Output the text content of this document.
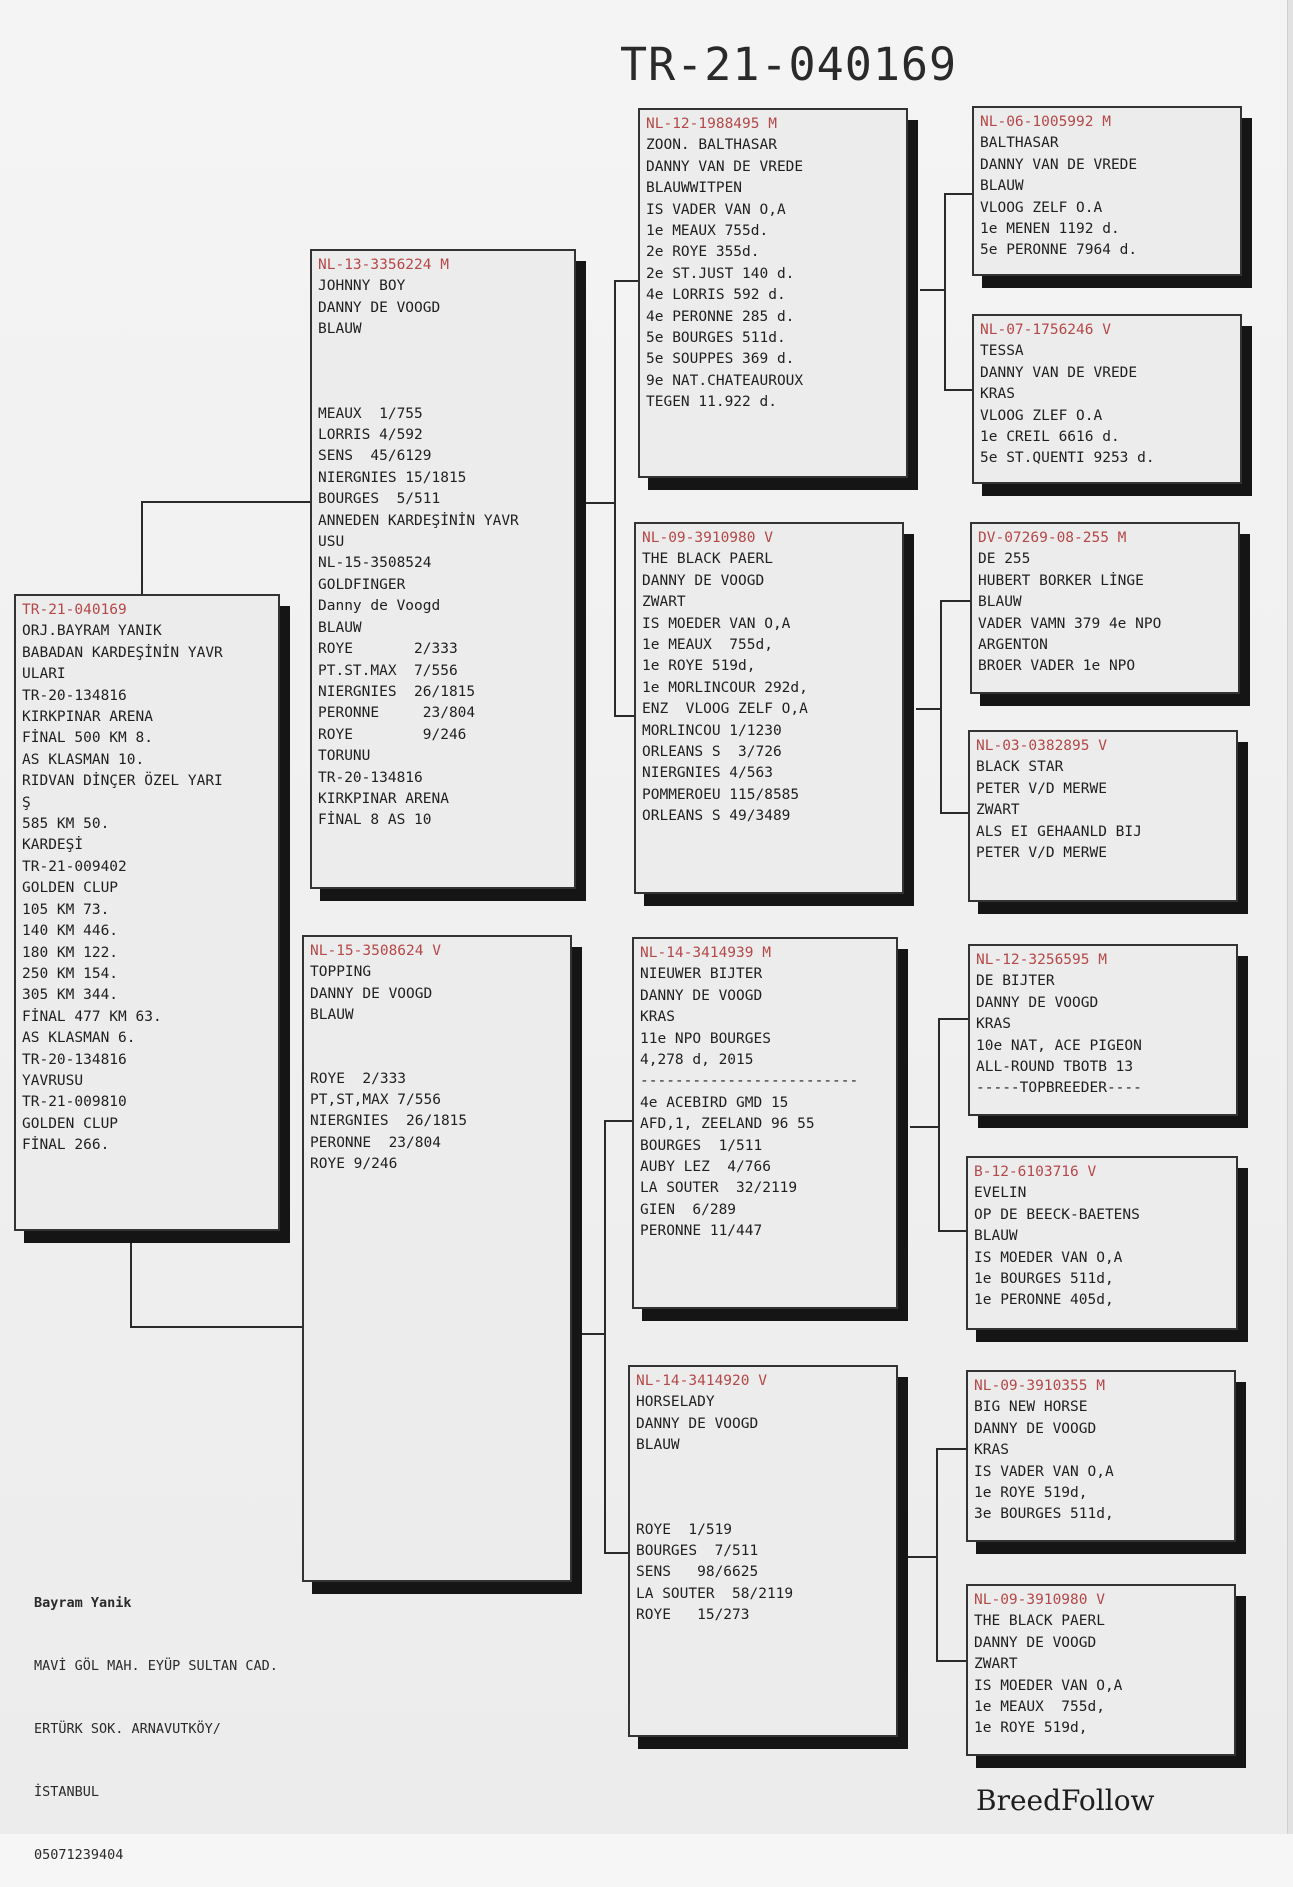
TR-21-040169
TR-21-040169
ORJ.BAYRAM YANIK
BABADAN KARDEŞİNİN YAVR
ULARI
TR-20-134816
KIRKPINAR ARENA
FİNAL 500 KM 8.
AS KLASMAN 10.
RIDVAN DİNÇER ÖZEL YARI
Ş
585 KM 50.
KARDEŞİ
TR-21-009402
GOLDEN CLUP
105 KM 73.
140 KM 446.
180 KM 122.
250 KM 154.
305 KM 344.
FİNAL 477 KM 63.
AS KLASMAN 6.
TR-20-134816
YAVRUSU
TR-21-009810
GOLDEN CLUP
FİNAL 266.
NL-13-3356224 M
JOHNNY BOY
DANNY DE VOOGD
BLAUW
MEAUX  1/755
LORRIS 4/592
SENS  45/6129
NIERGNIES 15/1815
BOURGES  5/511
ANNEDEN KARDEŞİNİN YAVR
USU
NL-15-3508524
GOLDFINGER
Danny de Voogd
BLAUW
ROYE       2/333
PT.ST.MAX  7/556
NIERGNIES  26/1815
PERONNE     23/804
ROYE        9/246
TORUNU
TR-20-134816
KIRKPINAR ARENA
FİNAL 8 AS 10
NL-15-3508624 V
TOPPING
DANNY DE VOOGD
BLAUW
ROYE  2/333
PT,ST,MAX 7/556
NIERGNIES  26/1815
PERONNE  23/804
ROYE 9/246
NL-12-1988495 M
ZOON. BALTHASAR
DANNY VAN DE VREDE
BLAUWWITPEN
IS VADER VAN O,A
1e MEAUX 755d.
2e ROYE 355d.
2e ST.JUST 140 d.
4e LORRIS 592 d.
4e PERONNE 285 d.
5e BOURGES 511d.
5e SOUPPES 369 d.
9e NAT.CHATEAUROUX
TEGEN 11.922 d.
NL-09-3910980 V
THE BLACK PAERL
DANNY DE VOOGD
ZWART
IS MOEDER VAN O,A
1e MEAUX  755d,
1e ROYE 519d,
1e MORLINCOUR 292d,
ENZ  VLOOG ZELF O,A
MORLINCOU 1/1230
ORLEANS S  3/726
NIERGNIES 4/563
POMMEROEU 115/8585
ORLEANS S 49/3489
NL-14-3414939 M
NIEUWER BIJTER
DANNY DE VOOGD
KRAS
11e NPO BOURGES
4,278 d, 2015
-------------------------
4e ACEBIRD GMD 15
AFD,1, ZEELAND 96 55
BOURGES  1/511
AUBY LEZ  4/766
LA SOUTER  32/2119
GIEN  6/289
PERONNE 11/447
NL-14-3414920 V
HORSELADY
DANNY DE VOOGD
BLAUW
ROYE  1/519
BOURGES  7/511
SENS   98/6625
LA SOUTER  58/2119
ROYE   15/273
NL-06-1005992 M
BALTHASAR
DANNY VAN DE VREDE
BLAUW
VLOOG ZELF O.A
1e MENEN 1192 d.
5e PERONNE 7964 d.
NL-07-1756246 V
TESSA
DANNY VAN DE VREDE
KRAS
VLOOG ZLEF O.A
1e CREIL 6616 d.
5e ST.QUENTI 9253 d.
DV-07269-08-255 M
DE 255
HUBERT BORKER LİNGE
BLAUW
VADER VAMN 379 4e NPO
ARGENTON
BROER VADER 1e NPO
NL-03-0382895 V
BLACK STAR
PETER V/D MERWE
ZWART
ALS EI GEHAANLD BIJ
PETER V/D MERWE
NL-12-3256595 M
DE BIJTER
DANNY DE VOOGD
KRAS
10e NAT, ACE PIGEON
ALL-ROUND TBOTB 13
-----TOPBREEDER----
B-12-6103716 V
EVELIN
OP DE BEECK-BAETENS
BLAUW
IS MOEDER VAN O,A
1e BOURGES 511d,
1e PERONNE 405d,
NL-09-3910355 M
BIG NEW HORSE
DANNY DE VOOGD
KRAS
IS VADER VAN O,A
1e ROYE 519d,
3e BOURGES 511d,
NL-09-3910980 V
THE BLACK PAERL
DANNY DE VOOGD
ZWART
IS MOEDER VAN O,A
1e MEAUX  755d,
1e ROYE 519d,

Bayram Yanik

MAVİ GÖL MAH. EYÜP SULTAN CAD.

ERTÜRK SOK. ARNAVUTKÖY/

İSTANBUL

05071239404

BreedFollow
